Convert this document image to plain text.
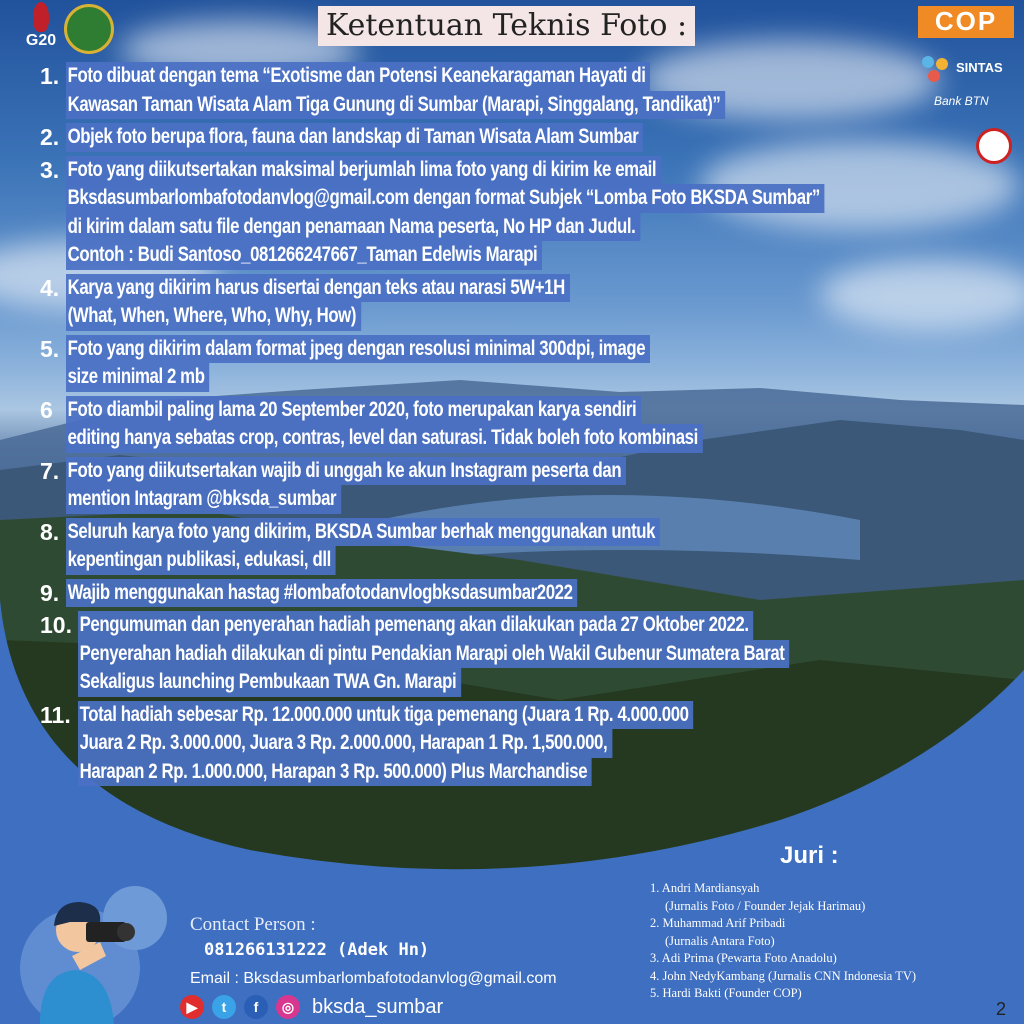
G20
COP
SINTAS
Bank BTN
Ketentuan Teknis Foto :
1. Foto dibuat dengan tema “Exotisme dan Potensi Keanekaragaman Hayati di
Kawasan Taman Wisata Alam Tiga Gunung di Sumbar (Marapi, Singgalang, Tandikat)”
2. Objek foto berupa flora, fauna dan landskap di Taman Wisata Alam Sumbar
3. Foto yang diikutsertakan maksimal berjumlah lima foto yang di kirim ke email
Bksdasumbarlombafotodanvlog@gmail.com dengan format Subjek “Lomba Foto BKSDA Sumbar”
di kirim dalam satu file dengan penamaan Nama peserta, No HP dan Judul.
Contoh : Budi Santoso_081266247667_Taman Edelwis Marapi
4. Karya yang dikirim harus disertai dengan teks atau narasi 5W+1H
(What, When, Where, Who, Why, How)
5. Foto yang dikirim dalam format jpeg dengan resolusi minimal 300dpi, image
size minimal 2 mb
6 Foto diambil paling lama 20 September 2020, foto merupakan karya sendiri
editing hanya sebatas crop, contras, level dan saturasi. Tidak boleh foto kombinasi
7. Foto yang diikutsertakan wajib di unggah ke akun Instagram peserta dan
mention Intagram @bksda_sumbar
8. Seluruh karya foto yang dikirim, BKSDA Sumbar berhak menggunakan untuk
kepentingan publikasi, edukasi, dll
9. Wajib menggunakan hastag #lombafotodanvlogbksdasumbar2022
10. Pengumuman dan penyerahan hadiah pemenang akan dilakukan pada 27 Oktober 2022.
Penyerahan hadiah dilakukan di pintu Pendakian Marapi oleh Wakil Gubenur Sumatera Barat
Sekaligus launching Pembukaan TWA Gn. Marapi
11. Total hadiah sebesar Rp. 12.000.000 untuk tiga pemenang (Juara 1 Rp. 4.000.000
Juara 2 Rp. 3.000.000, Juara 3 Rp. 2.000.000, Harapan 1 Rp. 1,500.000,
Harapan 2 Rp. 1.000.000, Harapan 3 Rp. 500.000) Plus Marchandise
Juri :
1. Andri Mardiansyah
(Jurnalis Foto / Founder Jejak Harimau)
2. Muhammad Arif Pribadi
(Jurnalis Antara Foto)
3. Adi Prima (Pewarta Foto Anadolu)
4. John NedyKambang (Jurnalis CNN Indonesia TV)
5. Hardi Bakti (Founder COP)
Contact Person :
081266131222 (Adek Hn)
Email : Bksdasumbarlombafotodanvlog@gmail.com
▶	t	f	◎ bksda_sumbar	2
